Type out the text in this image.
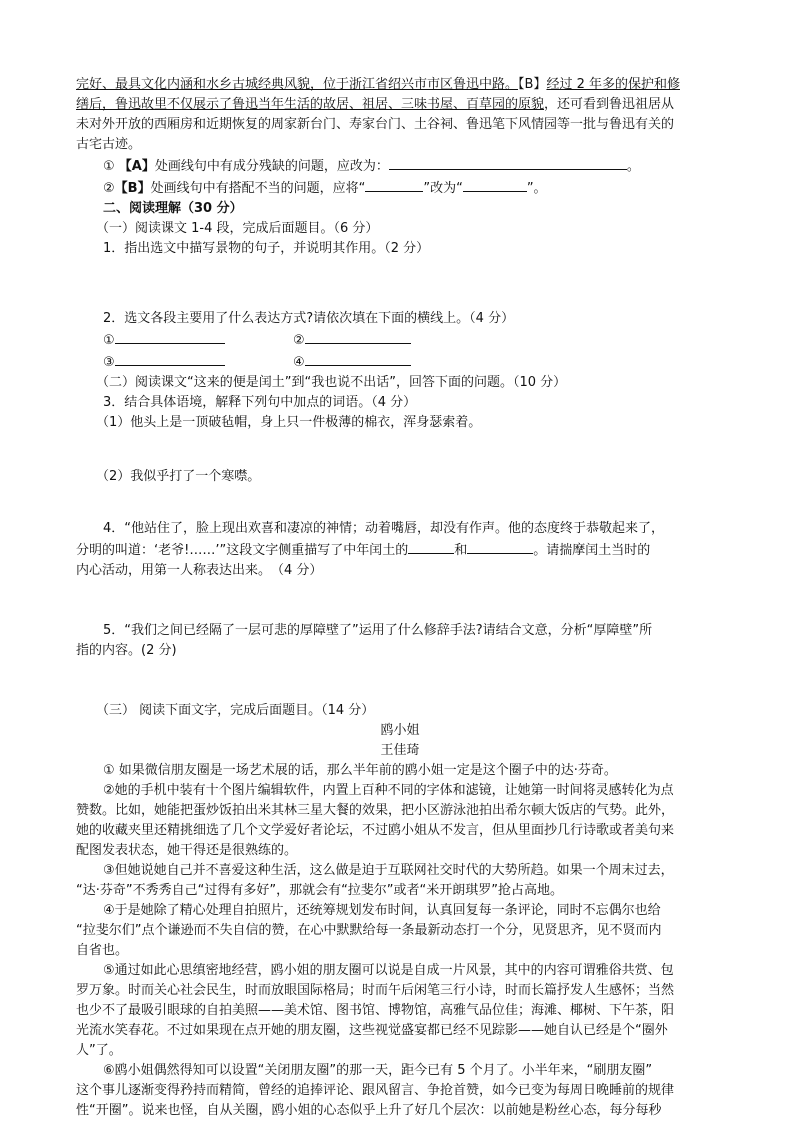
完好、最具文化内涵和水乡古城经典风貌，位于浙江省绍兴市市区鲁迅中路。【B】经过 2 年多的保护和修

缮后，鲁迅故里不仅展示了鲁迅当年生活的故居、祖居、三味书屋、百草园的原貌，还可看到鲁迅祖居从

未对外开放的西厢房和近期恢复的周家新台门、寿家台门、土谷祠、鲁迅笔下风情园等一批与鲁迅有关的

古宅古迹。

① 【A】处画线句中有成分残缺的问题，应改为：	。

②【B】处画线句中有搭配不当的问题，应将“	”改为“	”。

二、阅读理解（30 分）

（一）阅读课文 1-4 段，完成后面题目。（6 分）

1．指出选文中描写景物的句子，并说明其作用。（2 分）

2．选文各段主要用了什么表达方式?请依次填在下面的横线上。（4 分）

①	②
③	④

（二）阅读课文“这来的便是闰土”到“我也说不出话”，回答下面的问题。（10 分）

3．结合具体语境，解释下列句中加点的词语。（4 分）

（1）他头上是一顶破毡帽，身上只一件极薄的棉衣，浑身瑟索着。

（2）我似乎打了一个寒噤。

4．“他站住了，脸上现出欢喜和凄凉的神情；动着嘴唇，却没有作声。他的态度终于恭敬起来了，

分明的叫道：‘老爷!……’”这段文字侧重描写了中年闰土的	和	。请揣摩闰土当时的

内心活动，用第一人称表达出来。　（4 分）

5．“我们之间已经隔了一层可悲的厚障壁了”运用了什么修辞手法?请结合文意，分析“厚障壁”所

指的内容。(2 分)

（三） 阅读下面文字，完成后面题目。（14 分）

鸥小姐

王佳琦

① 如果微信朋友圈是一场艺术展的话，那么半年前的鸥小姐一定是这个圈子中的达·芬奇。

②她的手机中装有十个图片编辑软件，内置上百种不同的字体和滤镜，让她第一时间将灵感转化为点

赞数。比如，她能把蛋炒饭拍出米其林三星大餐的效果，把小区游泳池拍出希尔顿大饭店的气势。此外，

她的收藏夹里还精挑细选了几个文学爱好者论坛，不过鸥小姐从不发言，但从里面抄几行诗歌或者美句来

配图发表状态，她干得还是很熟练的。

③但她说她自己并不喜爱这种生活，这么做是迫于互联网社交时代的大势所趋。如果一个周末过去，

“达·芬奇”不秀秀自己“过得有多好”，那就会有“拉斐尔”或者“米开朗琪罗”抢占高地。

④于是她除了精心处理自拍照片，还统筹规划发布时间，认真回复每一条评论，同时不忘偶尔也给

“拉斐尔们”点个谦逊而不失自信的赞，在心中默默给每一条最新动态打一个分，见贤思齐，见不贤而内

自省也。

⑤通过如此心思缜密地经营，鸥小姐的朋友圈可以说是自成一片风景，其中的内容可谓雅俗共赏、包

罗万象。时而关心社会民生，时而放眼国际格局；时而午后闲笔三行小诗，时而长篇抒发人生感怀；当然

也少不了最吸引眼球的自拍美照——美术馆、图书馆、博物馆，高雅气品位佳；海滩、椰树、下午茶，阳

光流水笑春花。不过如果现在点开她的朋友圈，这些视觉盛宴都已经不见踪影——她自认已经是个“圈外

人”了。

⑥鸥小姐偶然得知可以设置“关闭朋友圈”的那一天，距今已有 5 个月了。小半年来，“刷朋友圈”

这个事儿逐渐变得矜持而精简，曾经的追捧评论、跟风留言、争抢首赞，如今已变为每周日晚睡前的规律

性“开圈”。说来也怪，自从关圈，鸥小姐的心态似乎上升了好几个层次：以前她是粉丝心态，每分每秒
